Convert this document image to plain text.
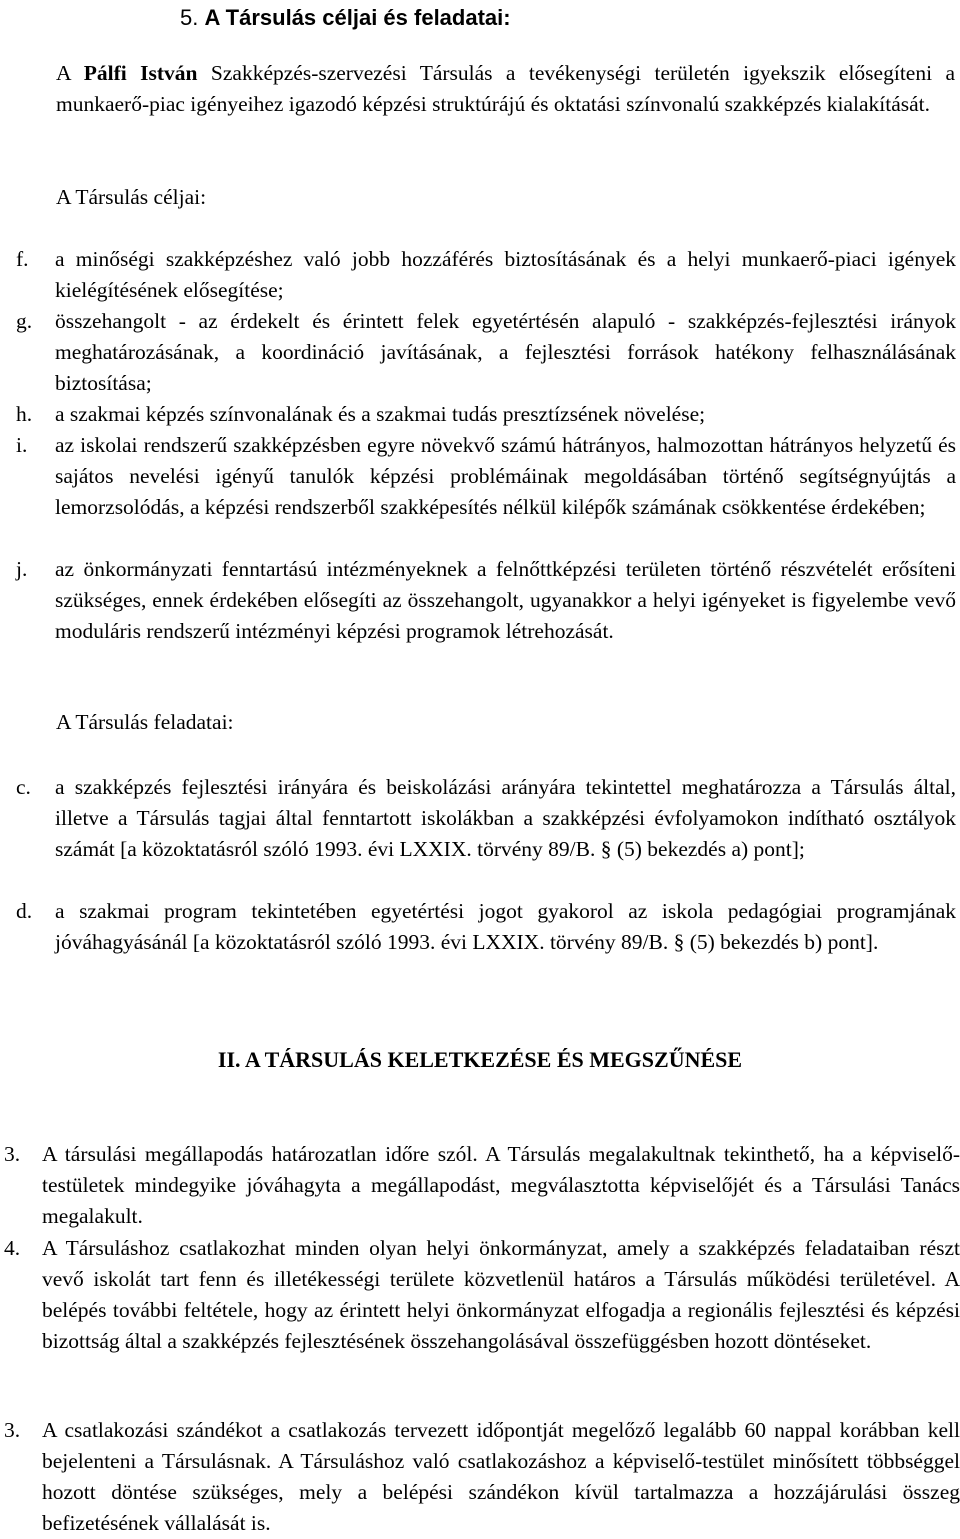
5. A Társulás céljai és feladatai:
A Pálfi István Szakképzés-szervezési Társulás a tevékenységi területén igyekszik elősegíteni a munkaerő-piac igényeihez igazodó képzési struktúrájú és oktatási színvonalú szakképzés kialakítását.
A Társulás céljai:
f. a minőségi szakképzéshez való jobb hozzáférés biztosításának és a helyi munkaerő-piaci igények kielégítésének elősegítése;
g. összehangolt - az érdekelt és érintett felek egyetértésén alapuló - szakképzés-fejlesztési irányok meghatározásának, a koordináció javításának, a fejlesztési források hatékony felhasználásának biztosítása;
h. a szakmai képzés színvonalának és a szakmai tudás presztízsének növelése;
i. az iskolai rendszerű szakképzésben egyre növekvő számú hátrányos, halmozottan hátrányos helyzetű és sajátos nevelési igényű tanulók képzési problémáinak megoldásában történő segítségnyújtás a lemorzsolódás, a képzési rendszerből szakképesítés nélkül kilépők számának csökkentése érdekében;
j. az önkormányzati fenntartású intézményeknek a felnőttképzési területen történő részvételét erősíteni szükséges, ennek érdekében elősegíti az összehangolt, ugyanakkor a helyi igényeket is figyelembe vevő moduláris rendszerű intézményi képzési programok létrehozását.
A Társulás feladatai:
c. a szakképzés fejlesztési irányára és beiskolázási arányára tekintettel meghatározza a Társulás által, illetve a Társulás tagjai által fenntartott iskolákban a szakképzési évfolyamokon indítható osztályok számát [a közoktatásról szóló 1993. évi LXXIX. törvény 89/B. § (5) bekezdés a) pont];
d. a szakmai program tekintetében egyetértési jogot gyakorol az iskola pedagógiai programjának jóváhagyásánál [a közoktatásról szóló 1993. évi LXXIX. törvény 89/B. § (5) bekezdés b) pont].
II. A TÁRSULÁS KELETKEZÉSE ÉS MEGSZŰNÉSE
3. A társulási megállapodás határozatlan időre szól. A Társulás megalakultnak tekinthető, ha a képviselő-testületek mindegyike jóváhagyta a megállapodást, megválasztotta képviselőjét és a Társulási Tanács megalakult.
4. A Társuláshoz csatlakozhat minden olyan helyi önkormányzat, amely a szakképzés feladataiban részt vevő iskolát tart fenn és illetékességi területe közvetlenül határos a Társulás működési területével. A belépés további feltétele, hogy az érintett helyi önkormányzat elfogadja a regionális fejlesztési és képzési bizottság által a szakképzés fejlesztésének összehangolásával összefüggésben hozott döntéseket.
3. A csatlakozási szándékot a csatlakozás tervezett időpontját megelőző legalább 60 nappal korábban kell bejelenteni a Társulásnak. A Társuláshoz való csatlakozáshoz a képviselő-testület minősített többséggel hozott döntése szükséges, mely a belépési szándékon kívül tartalmazza a hozzájárulási összeg befizetésének vállalását is.
